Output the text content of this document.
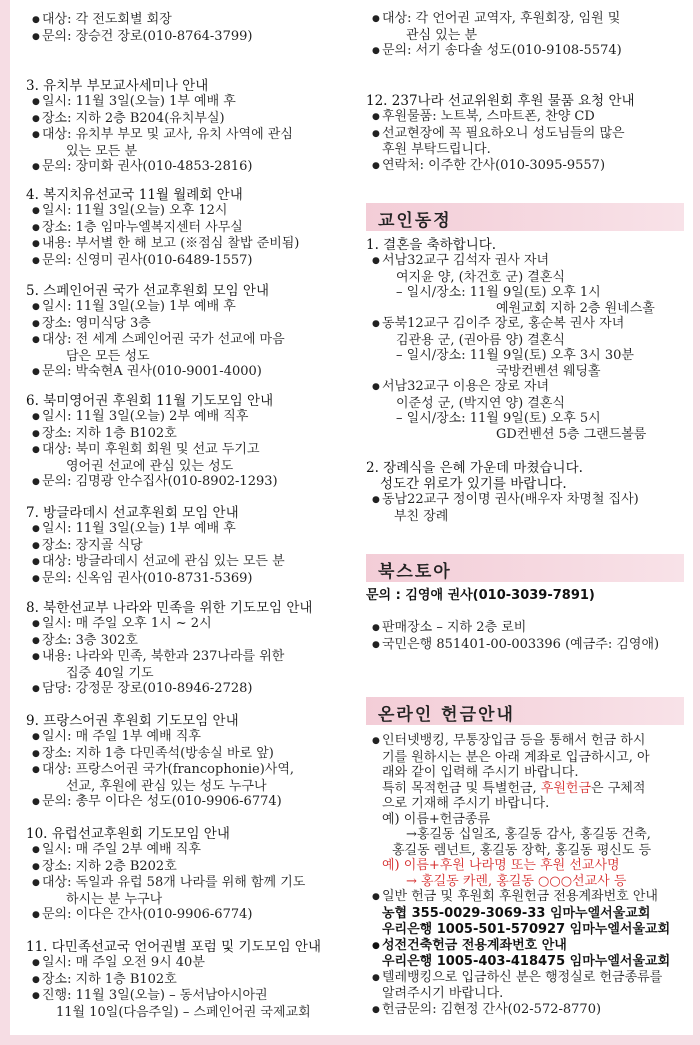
● 대상: 각 전도회별 회장

● 문의: 장승건 장로(010-8764-3799)

3. 유치부 부모교사세미나 안내

● 일시: 11월 3일(오늘) 1부 예배 후

● 장소: 지하 2층 B204(유치부실)

● 대상: 유치부 부모 및 교사, 유치 사역에 관심

있는 모든 분

● 문의: 장미화 권사(010-4853-2816)

4. 복지치유선교국 11월 월례회 안내

● 일시: 11월 3일(오늘) 오후 12시

● 장소: 1층 임마누엘복지센터 사무실

● 내용: 부서별 한 해 보고 (※점심 찰밥 준비됨)

● 문의: 신영미 권사(010-6489-1557)

5. 스페인어권 국가 선교후원회 모임 안내

● 일시: 11월 3일(오늘) 1부 예배 후

● 장소: 영미식당 3층

● 대상: 전 세계 스페인어권 국가 선교에 마음

담은 모든 성도

● 문의: 박숙현A 권사(010-9001-4000)

6. 북미영어권 후원회 11월 기도모임 안내

● 일시: 11월 3일(오늘) 2부 예배 직후

● 장소: 지하 1층 B102호

● 대상: 북미 후원회 회원 및 선교 두기고

영어권 선교에 관심 있는 성도

● 문의: 김명광 안수집사(010-8902-1293)

7. 방글라데시 선교후원회 모임 안내

● 일시: 11월 3일(오늘) 1부 예배 후

● 장소: 장지골 식당

● 대상: 방글라데시 선교에 관심 있는 모든 분

● 문의: 신옥임 권사(010-8731-5369)

8. 북한선교부 나라와 민족을 위한 기도모임 안내

● 일시: 매 주일 오후 1시 ~ 2시

● 장소: 3층 302호

● 내용: 나라와 민족, 북한과 237나라를 위한

집중 40일 기도

● 담당: 강정문 장로(010-8946-2728)

9. 프랑스어권 후원회 기도모임 안내

● 일시: 매 주일 1부 예배 직후

● 장소: 지하 1층 다민족석(방송실 바로 앞)

● 대상: 프랑스어권 국가(francophonie)사역,

선교, 후원에 관심 있는 성도 누구나

● 문의: 총무 이다은 성도(010-9906-6774)

10. 유럽선교후원회 기도모임 안내

● 일시: 매 주일 2부 예배 직후

● 장소: 지하 2층 B202호

● 대상: 독일과 유럽 58개 나라를 위해 함께 기도

하시는 분 누구나

● 문의: 이다은 간사(010-9906-6774)

11. 다민족선교국 언어권별 포럼 및 기도모임 안내

● 일시: 매 주일 오전 9시 40분

● 장소: 지하 1층 B102호

● 진행: 11월 3일(오늘) – 동서남아시아권

11월 10일(다음주일) – 스페인어권 국제교회

● 대상: 각 언어권 교역자, 후원회장, 임원 및

관심 있는 분

● 문의: 서기 송다솔 성도(010-9108-5574)

12. 237나라 선교위원회 후원 물품 요청 안내

● 후원물품: 노트북, 스마트폰, 찬양 CD

● 선교현장에 꼭 필요하오니 성도님들의 많은

후원 부탁드립니다.

● 연락처: 이주한 간사(010-3095-9557)

교인동정

1. 결혼을 축하합니다.

● 서남32교구 김석자 권사 자녀

여지윤 양, (차건호 군) 결혼식

– 일시/장소: 11월 9일(토) 오후 1시

예원교회 지하 2층 원네스홀

● 동북12교구 김이주 장로, 홍순복 권사 자녀

김관용 군, (권아름 양) 결혼식

– 일시/장소: 11월 9일(토) 오후 3시 30분

국방컨벤션 웨딩홀

● 서남32교구 이용은 장로 자녀

이준성 군, (박지연 양) 결혼식

– 일시/장소: 11월 9일(토) 오후 5시

GD컨벤션 5층 그랜드볼룸

2. 장례식을 은혜 가운데 마쳤습니다.

성도간 위로가 있기를 바랍니다.

● 동남22교구 정이명 권사(배우자 차명철 집사)

부친 장례

북스토아

문의 : 김영애 권사(010-3039-7891)

● 판매장소 – 지하 2층 로비

● 국민은행 851401-00-003396 (예금주: 김영애)

온라인 헌금안내

● 인터넷뱅킹, 무통장입금 등을 통해서 헌금 하시

기를 원하시는 분은 아래 계좌로 입금하시고, 아

래와 같이 입력해 주시기 바랍니다.

특히 목적헌금 및 특별헌금, 후원헌금은 구체적

으로 기재해 주시기 바랍니다.

예) 이름+헌금종류

→홍길동 십일조, 홍길동 감사, 홍길동 건축,

홍길동 렘넌트, 홍길동 장학, 홍길동 평신도 등

예) 이름+후원 나라명 또는 후원 선교사명

→ 홍길동 카렌, 홍길동 ○○○선교사 등

● 일반 헌금 및 후원회 후원헌금 전용계좌번호 안내

농협 355-0029-3069-33 임마누엘서울교회

우리은행 1005-501-570927 임마누엘서울교회

● 성전건축헌금 전용계좌번호 안내

우리은행 1005-403-418475 임마누엘서울교회

● 텔레뱅킹으로 입금하신 분은 행정실로 헌금종류를

알려주시기 바랍니다.

● 헌금문의: 김현정 간사(02-572-8770)
